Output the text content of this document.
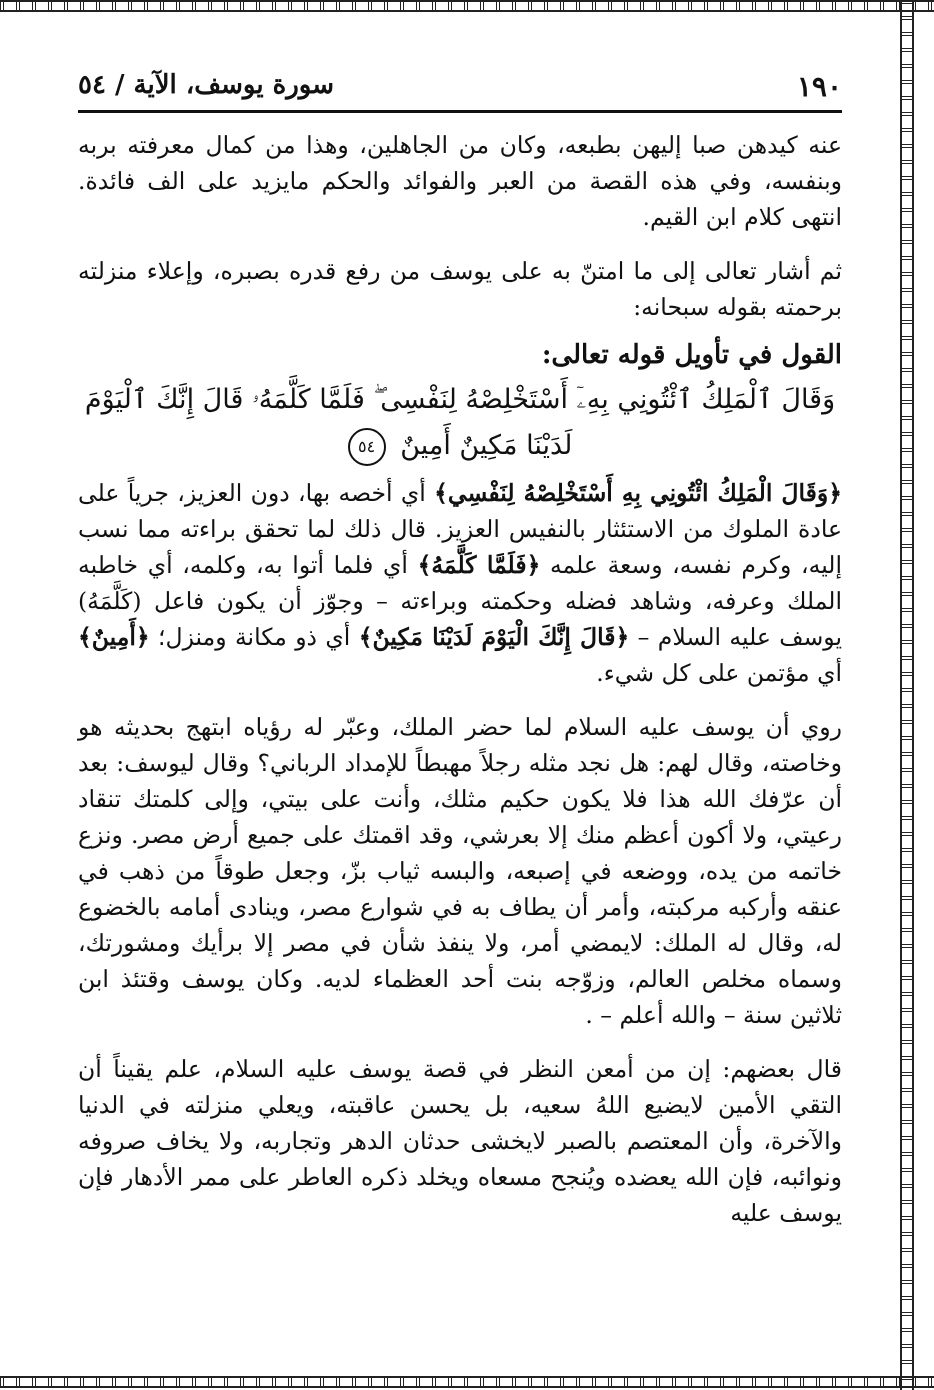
١٩٠
سورة يوسف، الآية / ٥٤

عنه كيدهن صبا إليهن بطبعه، وكان من الجاهلين، وهذا من كمال معرفته بربه وبنفسه، وفي هذه القصة من العبر والفوائد والحكم مايزيد على الف فائدة. انتهى كلام ابن القيم.

ثم أشار تعالى إلى ما امتنّ به على يوسف من رفع قدره بصبره، وإعلاء منزلته برحمته بقوله سبحانه:

القول في تأويل قوله تعالى:

وَقَالَ ٱلْمَلِكُ ٱئْتُونِي بِهِۦٓ أَسْتَخْلِصْهُ لِنَفْسِى ۖ فَلَمَّا كَلَّمَهُۥ قَالَ إِنَّكَ ٱلْيَوْمَ لَدَيْنَا مَكِينٌ أَمِينٌ ٥٤

﴿وَقَالَ الْمَلِكُ ائْتُونِي بِهِ أَسْتَخْلِصْهُ لِنَفْسِي﴾ أي أخصه بها، دون العزيز، جرياً على عادة الملوك من الاستئثار بالنفيس العزيز. قال ذلك لما تحقق براءته مما نسب إليه، وكرم نفسه، وسعة علمه ﴿فَلَمَّا كَلَّمَهُ﴾ أي فلما أتوا به، وكلمه، أي خاطبه الملك وعرفه، وشاهد فضله وحكمته وبراءته – وجوّز أن يكون فاعل (كَلَّمَهُ) يوسف عليه السلام – ﴿قَالَ إِنَّكَ الْيَوْمَ لَدَيْنَا مَكِينٌ﴾ أي ذو مكانة ومنزل؛ ﴿أَمِينٌ﴾ أي مؤتمن على كل شيء.

روي أن يوسف عليه السلام لما حضر الملك، وعبّر له رؤياه ابتهج بحديثه هو وخاصته، وقال لهم: هل نجد مثله رجلاً مهبطاً للإمداد الرباني؟ وقال ليوسف: بعد أن عرّفك الله هذا فلا يكون حكيم مثلك، وأنت على بيتي، وإلى كلمتك تنقاد رعيتي، ولا أكون أعظم منك إلا بعرشي، وقد اقمتك على جميع أرض مصر. ونزع خاتمه من يده، ووضعه في إصبعه، والبسه ثياب بزّ، وجعل طوقاً من ذهب في عنقه وأركبه مركبته، وأمر أن يطاف به في شوارع مصر، وينادى أمامه بالخضوع له، وقال له الملك: لايمضي أمر، ولا ينفذ شأن في مصر إلا برأيك ومشورتك، وسماه مخلص العالم، وزوّجه بنت أحد العظماء لديه. وكان يوسف وقتئذ ابن ثلاثين سنة – والله أعلم – .

قال بعضهم: إن من أمعن النظر في قصة يوسف عليه السلام، علم يقيناً أن التقي الأمين لايضيع اللهُ سعيه، بل يحسن عاقبته، ويعلي منزلته في الدنيا والآخرة، وأن المعتصم بالصبر لايخشى حدثان الدهر وتجاربه، ولا يخاف صروفه ونوائبه، فإن الله يعضده ويُنجح مسعاه ويخلد ذكره العاطر على ممر الأدهار فإن يوسف عليه
